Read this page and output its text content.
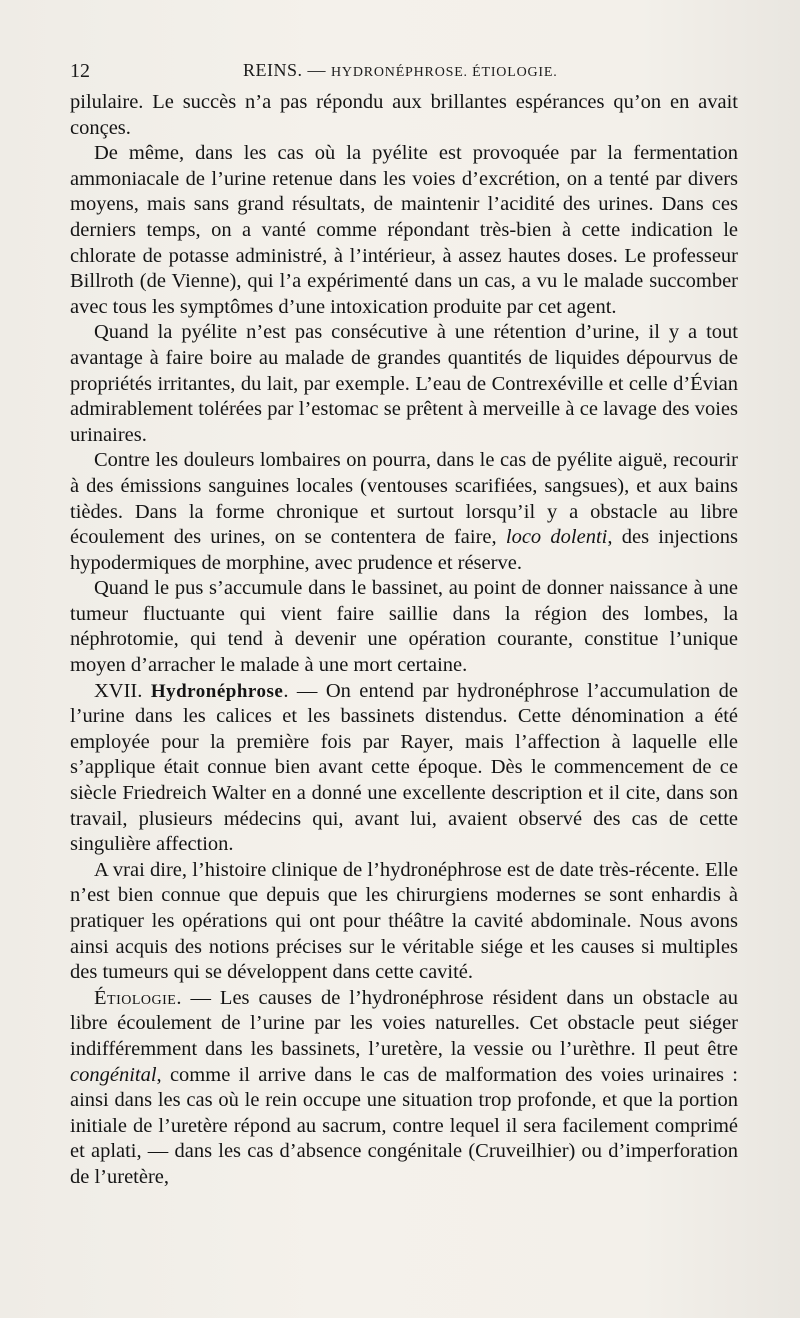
12	REINS. — HYDRONÉPHROSE. ÉTIOLOGIE.

pilulaire. Le succès n’a pas répondu aux brillantes espérances qu’on en avait conçes.

De même, dans les cas où la pyélite est provoquée par la fermentation ammoniacale de l’urine retenue dans les voies d’excrétion, on a tenté par divers moyens, mais sans grand résultats, de maintenir l’acidité des urines. Dans ces derniers temps, on a vanté comme répondant très-bien à cette indication le chlorate de potasse administré, à l’intérieur, à assez hautes doses. Le professeur Billroth (de Vienne), qui l’a expérimenté dans un cas, a vu le malade succomber avec tous les symptômes d’une intoxication produite par cet agent.

Quand la pyélite n’est pas consécutive à une rétention d’urine, il y a tout avantage à faire boire au malade de grandes quantités de liquides dépourvus de propriétés irritantes, du lait, par exemple. L’eau de Contrexéville et celle d’Évian admirablement tolérées par l’estomac se prêtent à merveille à ce lavage des voies urinaires.

Contre les douleurs lombaires on pourra, dans le cas de pyélite aiguë, recourir à des émissions sanguines locales (ventouses scarifiées, sangsues), et aux bains tièdes. Dans la forme chronique et surtout lorsqu’il y a obstacle au libre écoulement des urines, on se contentera de faire, loco dolenti, des injections hypodermiques de morphine, avec prudence et réserve.

Quand le pus s’accumule dans le bassinet, au point de donner naissance à une tumeur fluctuante qui vient faire saillie dans la région des lombes, la néphrotomie, qui tend à devenir une opération courante, constitue l’unique moyen d’arracher le malade à une mort certaine.

XVII. Hydronéphrose. — On entend par hydronéphrose l’accumulation de l’urine dans les calices et les bassinets distendus. Cette dénomination a été employée pour la première fois par Rayer, mais l’affection à laquelle elle s’applique était connue bien avant cette époque. Dès le commencement de ce siècle Friedreich Walter en a donné une excellente description et il cite, dans son travail, plusieurs médecins qui, avant lui, avaient observé des cas de cette singulière affection.

A vrai dire, l’histoire clinique de l’hydronéphrose est de date très-récente. Elle n’est bien connue que depuis que les chirurgiens modernes se sont enhardis à pratiquer les opérations qui ont pour théâtre la cavité abdominale. Nous avons ainsi acquis des notions précises sur le véritable siége et les causes si multiples des tumeurs qui se développent dans cette cavité.

Étiologie. — Les causes de l’hydronéphrose résident dans un obstacle au libre écoulement de l’urine par les voies naturelles. Cet obstacle peut siéger indifféremment dans les bassinets, l’uretère, la vessie ou l’urèthre. Il peut être congénital, comme il arrive dans le cas de malformation des voies urinaires : ainsi dans les cas où le rein occupe une situation trop profonde, et que la portion initiale de l’uretère répond au sacrum, contre lequel il sera facilement comprimé et aplati, — dans les cas d’absence congénitale (Cruveilhier) ou d’imperforation de l’uretère,
